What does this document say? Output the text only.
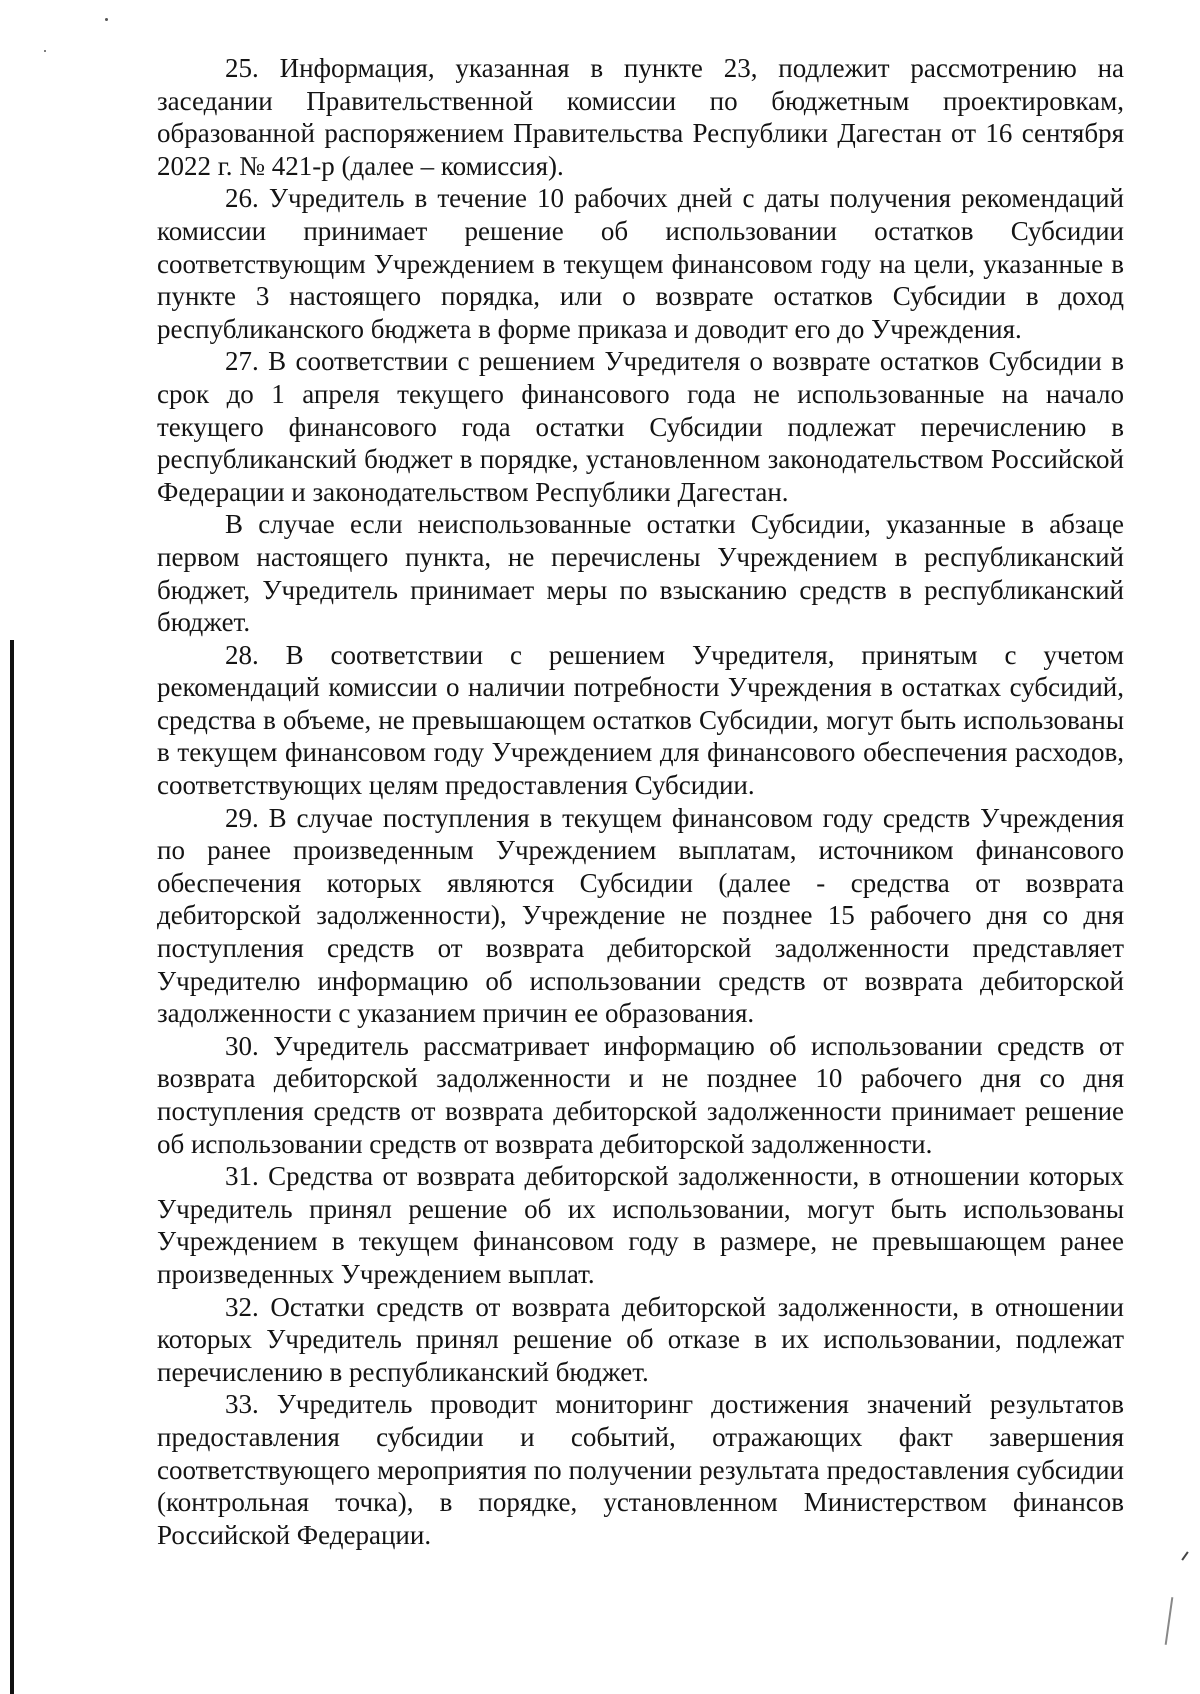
25. Информация, указанная в пункте 23, подлежит рассмотрению на заседании Правительственной комиссии по бюджетным проектировкам, образованной распоряжением Правительства Республики Дагестан от 16 сентября 2022 г. № 421-р (далее – комиссия).

26. Учредитель в течение 10 рабочих дней с даты получения рекомендаций комиссии принимает решение об использовании остатков Субсидии соответствующим Учреждением в текущем финансовом году на цели, указанные в пункте 3 настоящего порядка, или о возврате остатков Субсидии в доход республиканского бюджета в форме приказа и доводит его до Учреждения.

27. В соответствии с решением Учредителя о возврате остатков Субсидии в срок до 1 апреля текущего финансового года не использованные на начало текущего финансового года остатки Субсидии подлежат перечислению в республиканский бюджет в порядке, установленном законодательством Российской Федерации и законодательством Республики Дагестан.

В случае если неиспользованные остатки Субсидии, указанные в абзаце первом настоящего пункта, не перечислены Учреждением в республиканский бюджет, Учредитель принимает меры по взысканию средств в республиканский бюджет.

28. В соответствии с решением Учредителя, принятым с учетом рекомендаций комиссии о наличии потребности Учреждения в остатках субсидий, средства в объеме, не превышающем остатков Субсидии, могут быть использованы в текущем финансовом году Учреждением для финансового обеспечения расходов, соответствующих целям предоставления Субсидии.

29. В случае поступления в текущем финансовом году средств Учреждения по ранее произведенным Учреждением выплатам, источником финансового обеспечения которых являются Субсидии (далее - средства от возврата дебиторской задолженности), Учреждение не позднее 15 рабочего дня со дня поступления средств от возврата дебиторской задолженности представляет Учредителю информацию об использовании средств от возврата дебиторской задолженности с указанием причин ее образования.

30. Учредитель рассматривает информацию об использовании средств от возврата дебиторской задолженности и не позднее 10 рабочего дня со дня поступления средств от возврата дебиторской задолженности принимает решение об использовании средств от возврата дебиторской задолженности.

31. Средства от возврата дебиторской задолженности, в отношении которых Учредитель принял решение об их использовании, могут быть использованы Учреждением в текущем финансовом году в размере, не превышающем ранее произведенных Учреждением выплат.

32. Остатки средств от возврата дебиторской задолженности, в отношении которых Учредитель принял решение об отказе в их использовании, подлежат перечислению в республиканский бюджет.

33. Учредитель проводит мониторинг достижения значений результатов предоставления субсидии и событий, отражающих факт завершения соответствующего мероприятия по получении результата предоставления субсидии (контрольная точка), в порядке, установленном Министерством финансов Российской Федерации.
